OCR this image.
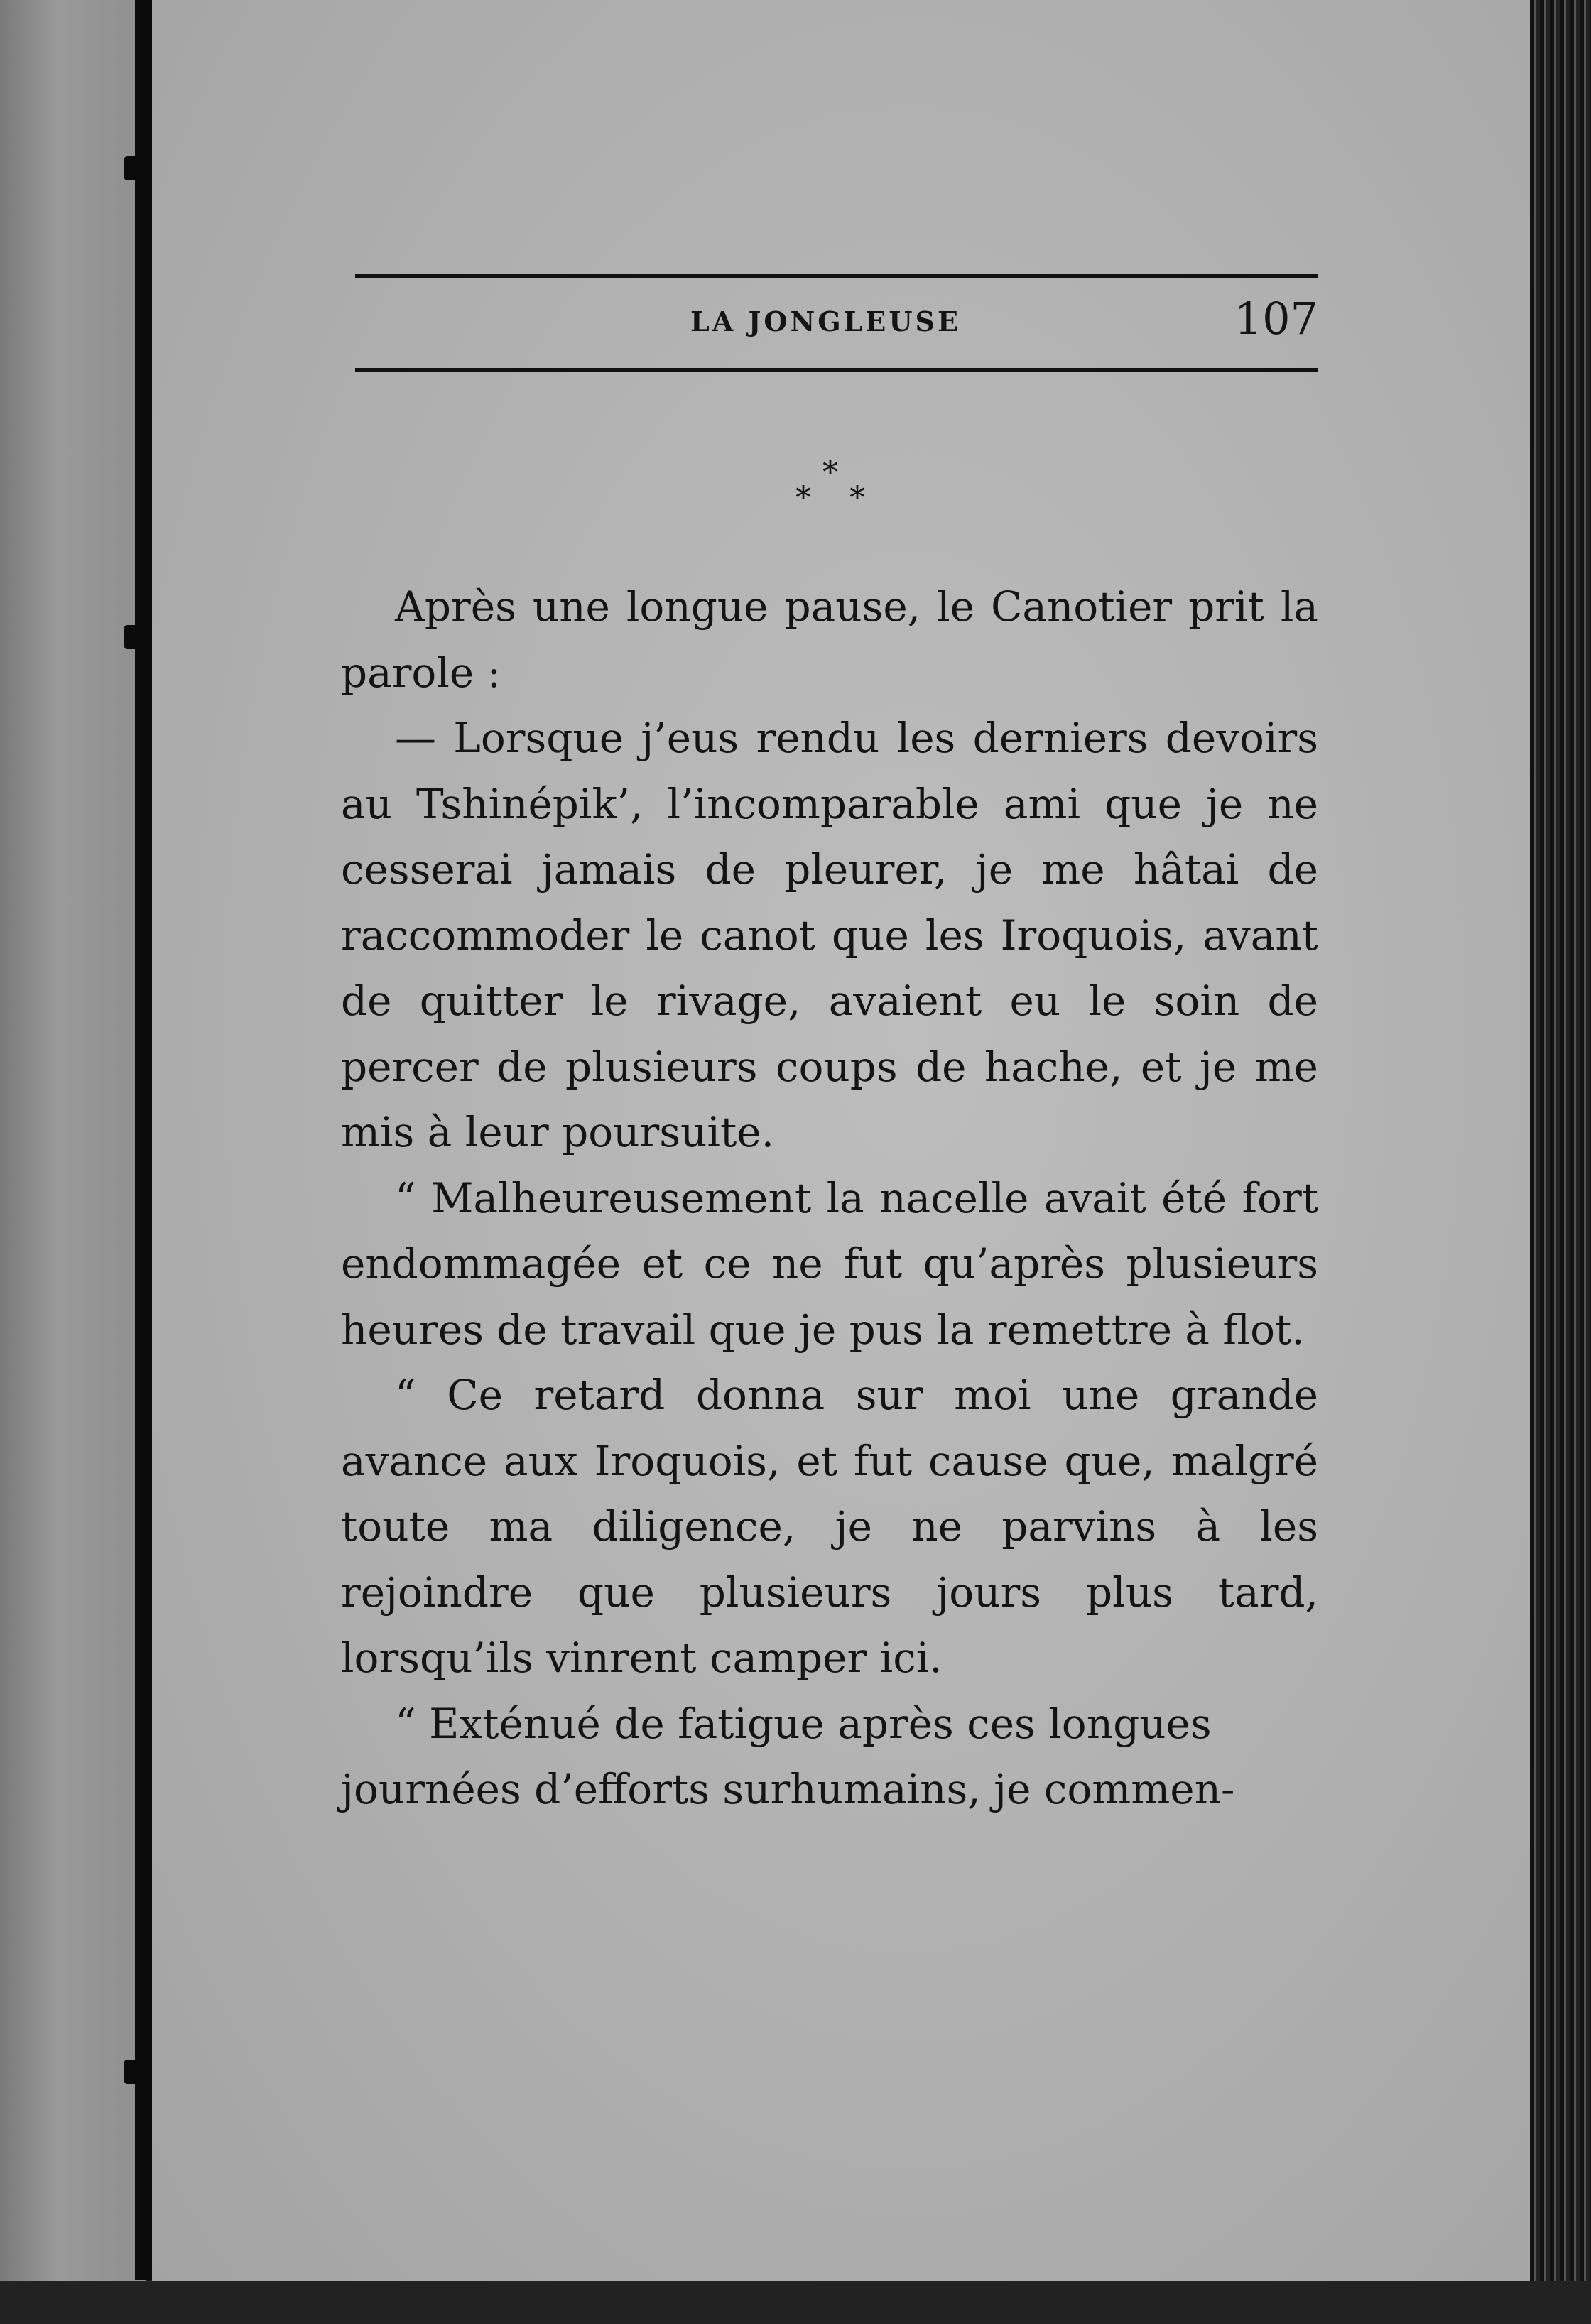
LA JONGLEUSE	107
*
* *

Après une longue pause, le Canotier prit la parole :

— Lorsque j’eus rendu les derniers devoirs au Tshinépik’, l’incomparable ami que je ne cesserai jamais de pleurer, je me hâtai de raccommoder le canot que les Iroquois, avant de quitter le rivage, avaient eu le soin de percer de plusieurs coups de hache, et je me mis à leur poursuite.

“ Malheureusement la nacelle avait été fort endommagée et ce ne fut qu’après plusieurs heures de travail que je pus la remettre à flot.

“ Ce retard donna sur moi une grande avance aux Iroquois, et fut cause que, malgré toute ma diligence, je ne parvins à les rejoindre que plusieurs jours plus tard, lorsqu’ils vinrent camper ici.

“ Exténué de fatigue après ces longues journées d’efforts surhumains, je commen-
